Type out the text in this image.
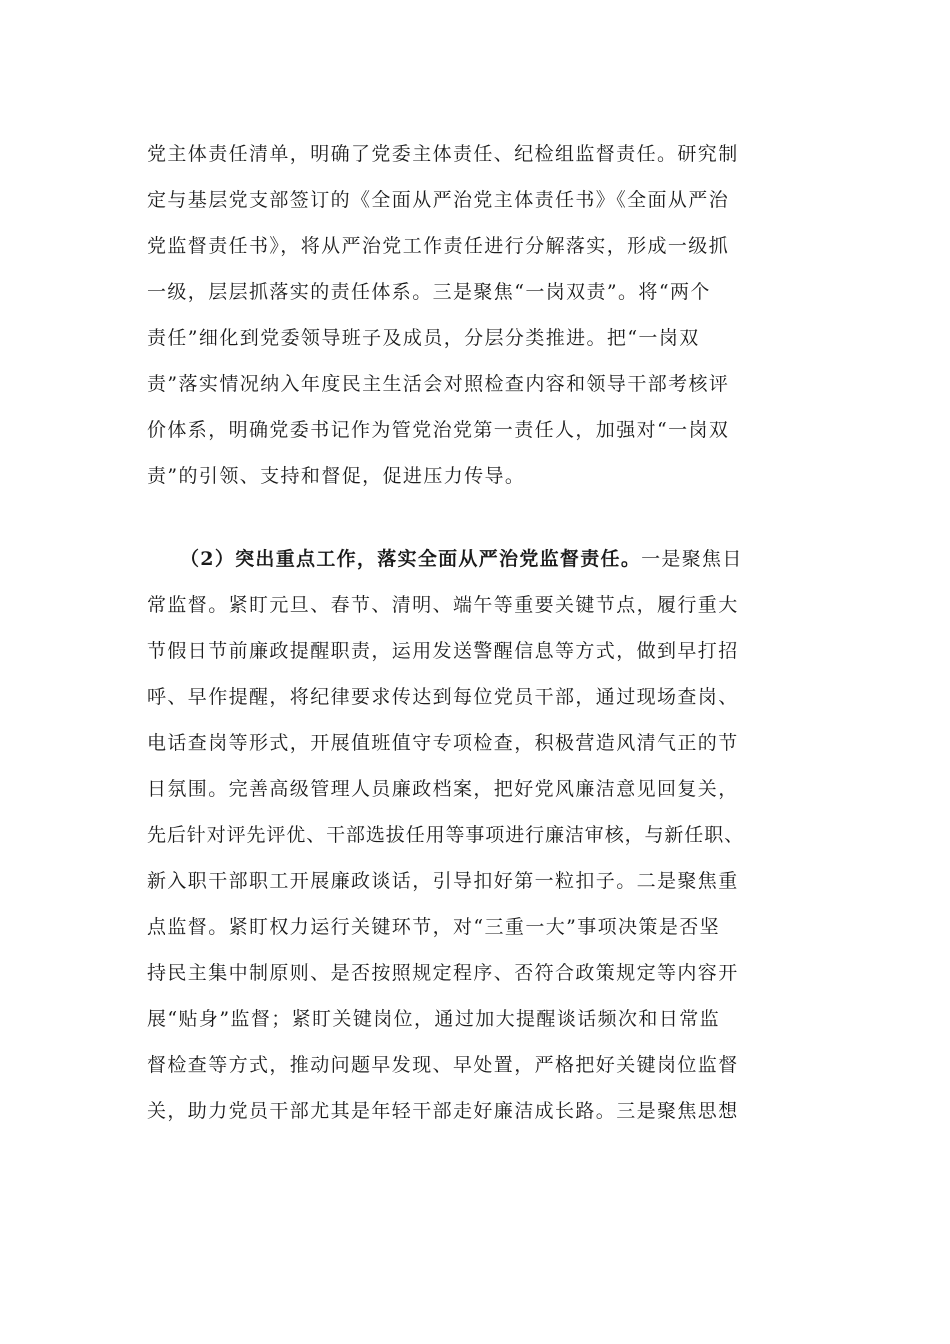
党主体责任清单，明确了党委主体责任、纪检组监督责任。研究制
定与基层党支部签订的《全面从严治党主体责任书》《全面从严治
党监督责任书》，将从严治党工作责任进行分解落实，形成一级抓
一级，层层抓落实的责任体系。三是聚焦“一岗双责”。将“两个
责任”细化到党委领导班子及成员，分层分类推进。把“一岗双
责”落实情况纳入年度民主生活会对照检查内容和领导干部考核评
价体系，明确党委书记作为管党治党第一责任人，加强对“一岗双
责”的引领、支持和督促，促进压力传导。
（2）突出重点工作，落实全面从严治党监督责任。一是聚焦日
常监督。紧盯元旦、春节、清明、端午等重要关键节点，履行重大
节假日节前廉政提醒职责，运用发送警醒信息等方式，做到早打招
呼、早作提醒，将纪律要求传达到每位党员干部，通过现场查岗、
电话查岗等形式，开展值班值守专项检查，积极营造风清气正的节
日氛围。完善高级管理人员廉政档案，把好党风廉洁意见回复关，
先后针对评先评优、干部选拔任用等事项进行廉洁审核，与新任职、
新入职干部职工开展廉政谈话，引导扣好第一粒扣子。二是聚焦重
点监督。紧盯权力运行关键环节，对“三重一大”事项决策是否坚
持民主集中制原则、是否按照规定程序、否符合政策规定等内容开
展“贴身”监督；紧盯关键岗位，通过加大提醒谈话频次和日常监
督检查等方式，推动问题早发现、早处置，严格把好关键岗位监督
关，助力党员干部尤其是年轻干部走好廉洁成长路。三是聚焦思想
